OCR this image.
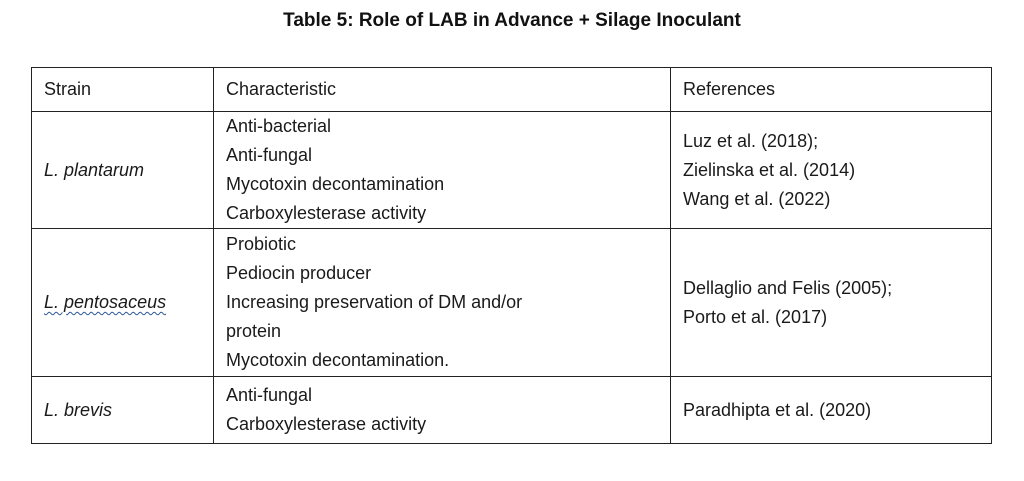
Table 5: Role of LAB in Advance + Silage Inoculant
Strain	Characteristic	References
L. plantarum	Anti-bacterial
Anti-fungal
Mycotoxin decontamination
Carboxylesterase activity	Luz et al. (2018);
Zielinska et al. (2014)
Wang et al. (2022)

L. pentosaceus	Probiotic
Pediocin producer
Increasing preservation of DM and/or
protein
Mycotoxin decontamination.	Dellaglio and Felis (2005);
Porto et al. (2017)

L. brevis	Anti-fungal
Carboxylesterase activity	Paradhipta et al. (2020)
